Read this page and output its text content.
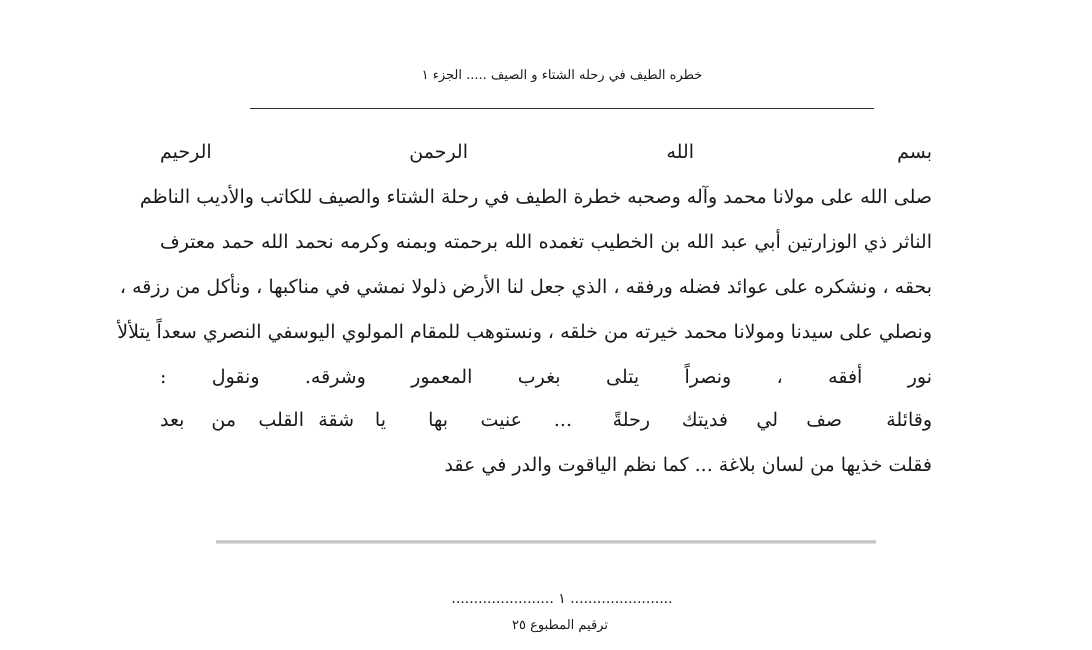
خطره الطيف في رحله الشتاء و الصيف ..... الجزء ١
بسم
الله
الرحمن
الرحيم
صلى الله على مولانا محمد وآله وصحبه خطرة الطيف في رحلة الشتاء والصيف للكاتب والأديب الناظم
الناثر ذي الوزارتين أبي عبد الله بن الخطيب تغمده الله برحمته وبمنه وكرمه نحمد الله حمد معترف
بحقه ، ونشكره على عوائد فضله ورفقه ، الذي جعل لنا الأرض ذلولا نمشي في مناكبها ، ونأكل من رزقه ،
ونصلي على سيدنا ومولانا محمد خيرته من خلقه ، ونستوهب للمقام المولوي اليوسفي النصري سعداً يتلألأ
نور أفقه ، ونصراً يتلى بغرب المعمور وشرقه. ونقول :
وقائلة
صف
لي
فديتك
رحلةً
...
عنيت
بها
يا
شقة
القلب
من
بعد
فقلت خذيها من لسان بلاغة ... كما نظم الياقوت والدر في عقد
....................... ١ .......................
ترقيم المطبوع ٢٥
